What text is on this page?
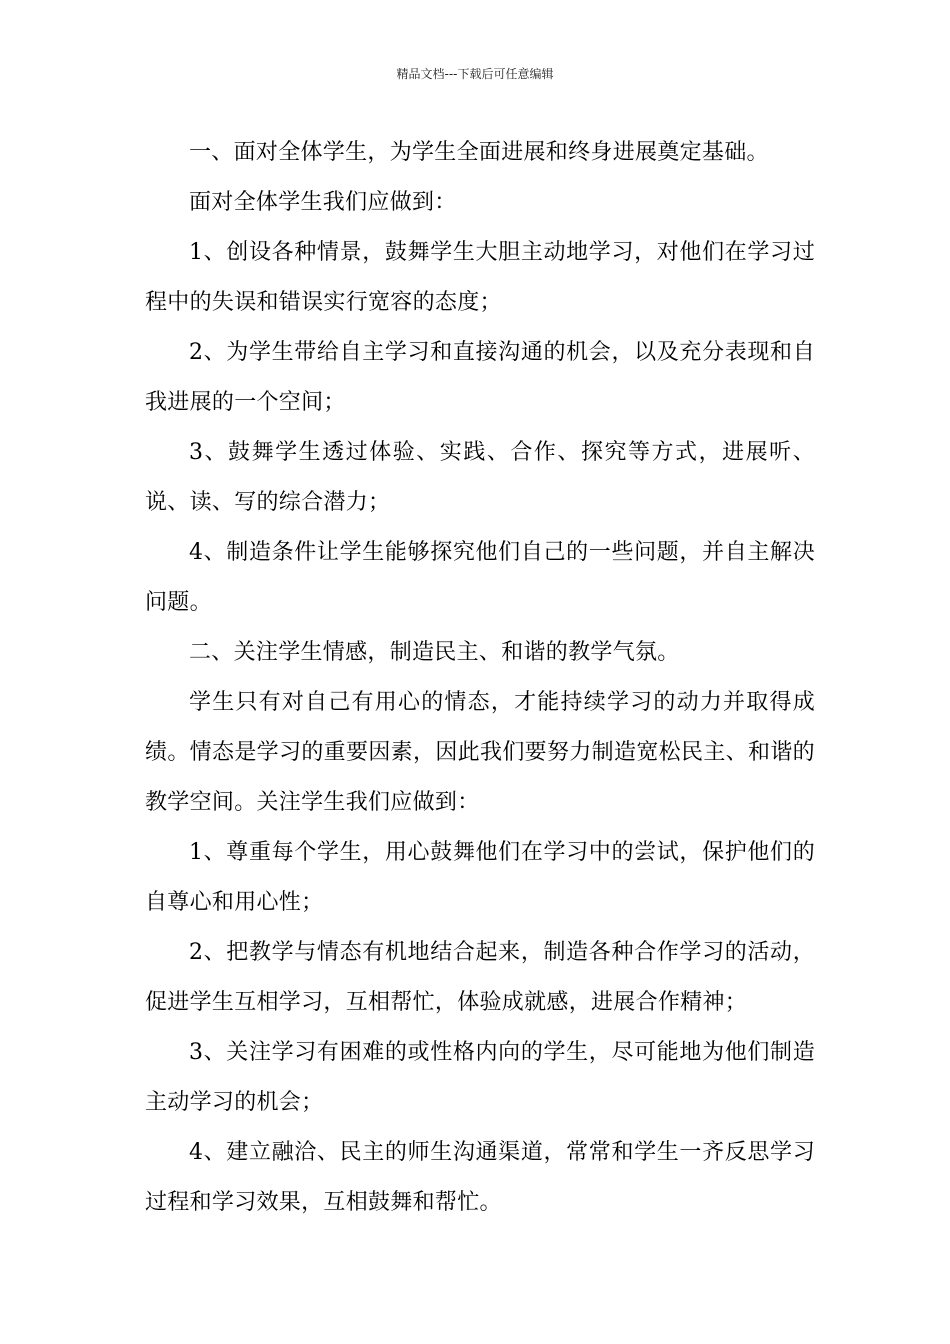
精品文档---下载后可任意编辑

一、面对全体学生，为学生全面进展和终身进展奠定基础。

面对全体学生我们应做到：

1、创设各种情景，鼓舞学生大胆主动地学习，对他们在学习过程中的失误和错误实行宽容的态度；

2、为学生带给自主学习和直接沟通的机会，以及充分表现和自我进展的一个空间；

3、鼓舞学生透过体验、实践、合作、探究等方式，进展听、说、读、写的综合潜力；

4、制造条件让学生能够探究他们自己的一些问题，并自主解决问题。

二、关注学生情感，制造民主、和谐的教学气氛。

学生只有对自己有用心的情态，才能持续学习的动力并取得成绩。情态是学习的重要因素，因此我们要努力制造宽松民主、和谐的教学空间。关注学生我们应做到：

1、尊重每个学生，用心鼓舞他们在学习中的尝试，保护他们的自尊心和用心性；

2、把教学与情态有机地结合起来，制造各种合作学习的活动，促进学生互相学习，互相帮忙，体验成就感，进展合作精神；

3、关注学习有困难的或性格内向的学生，尽可能地为他们制造主动学习的机会；

4、建立融洽、民主的师生沟通渠道，常常和学生一齐反思学习过程和学习效果，互相鼓舞和帮忙。
